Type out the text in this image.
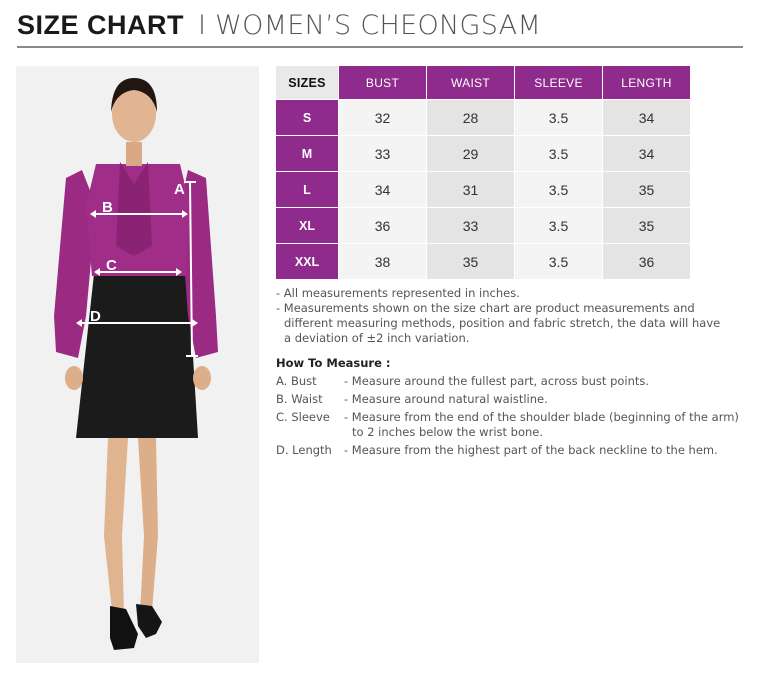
SIZE CHART I WOMEN’S CHEONGSAM
A
B
C
D
SIZES	BUST	WAIST	SLEEVE	LENGTH
S	32	28	3.5	34
M	33	29	3.5	34
L	34	31	3.5	35
XL	36	33	3.5	35
XXL	38	35	3.5	36

- All measurements represented in inches.

- Measurements shown on the size chart are product measurements and

different measuring methods, position and fabric stretch, the data will have

a deviation of ±2 inch variation.

How To Measure :
A. Bust	- Measure around the fullest part, across bust points.
B. Waist	- Measure around natural waistline.
C. Sleeve	- Measure from the end of the shoulder blade (beginning of the arm)
to 2 inches below the wrist bone.
D. Length	- Measure from the highest part of the back neckline to the hem.
